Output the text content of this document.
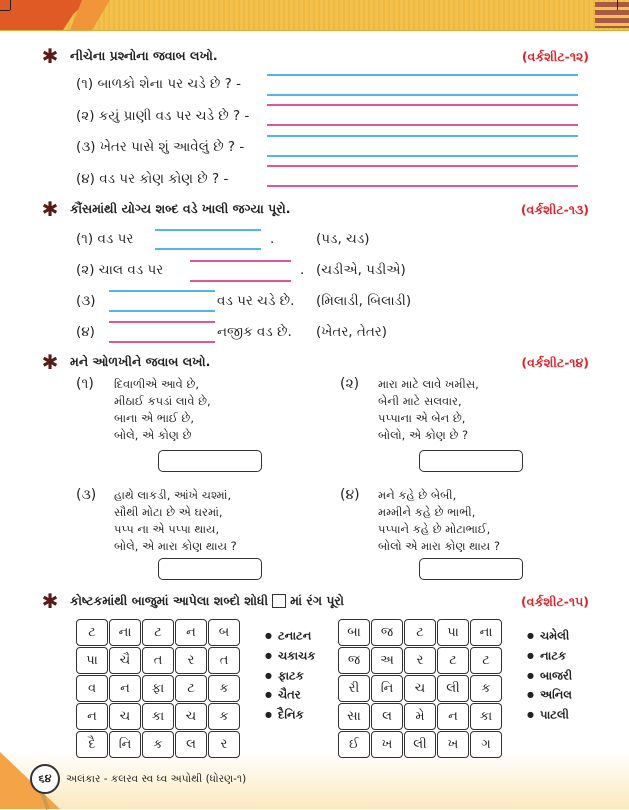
✱ નીચેના પ્રશ્નોના જવાબ લખો.	(વર્કશીટ-૧૨)
(૧) બાળકો શેના પર ચડે છે ? -
(૨) કયું પ્રાણી વડ પર ચડે છે ? -
(૩) ખેતર પાસે શું આવેલું છે ? -
(૪) વડ પર કોણ કોણ છે ? -
✱ કૌંસમાંથી યોગ્ય શબ્દ વડે ખાલી જગ્યા પૂરો.	(વર્કશીટ-૧૩)
(૧) વડ પર	.	(પડ, ચડ)
(૨) ચાલ વડ પર	. (ચડીએ, પડીએ)
(૩)	વડ પર ચડે છે. (મિલાડી, બિલાડી)
(૪)	નજીક વડ છે. (ખેતર, તેતર)
✱ મને ઓળખીને જવાબ લખો.	(વર્કશીટ-૧૪)
(૧) દિવાળીએ આવે છે,
મીઠાઈ કપડાં લાવે છે,
બાના એ ભાઈ છે,
બોલે, એ કોણ છે
(૨) મારા માટે લાવે ખમીસ,
બેની માટે સલવાર,
પપ્પાના એ બેન છે,
બોલો, એ કોણ છે ?
(૩) હાથે લાકડી, આંખે ચશ્માં,
સૌથી મોટા છે એ ઘરમાં,
પપ્પ ના એ પપ્પા થાય,
બોલે, એ મારા કોણ થાય ?
(૪) મને કહે છે બેબી,
મમ્મીને કહે છે ભાભી,
પપ્પાને કહે છે મોટાભાઈ,
બોલો એ મારા કોણ થાય ?
✱ કોષ્ટકમાંથી બાજુમાં આપેલા શબ્દો શોધી માં રંગ પૂરો	(વર્કશીટ-૧૫)
ટ	ના	ટ	ન	બ
પા	ચૈ	ત	ર	ત
વ	ન	ફા	ટ	ક
ન	ચ	કા	ચ	ક
દૈ	નિ	ક	લ	ર
● ટનાટન
● ચકાચક
● ફાટક
● ચૈતર
● દૈનિક
બા	જ	ટ	પા	ના
જ	અ	ર	ટ	ટ
રી	નિ	ચ	લી	ક
સા	લ	મે	ન	કા
ઈ	ખ	લી	ખ	ગ
● ચમેલી
● નાટક
● બાજરી
● અનિલ
● પાટલી
૬૪	અલંકાર - કલરવ સ્વ ધ્વ અપોથી (ધોરણ-૧)
